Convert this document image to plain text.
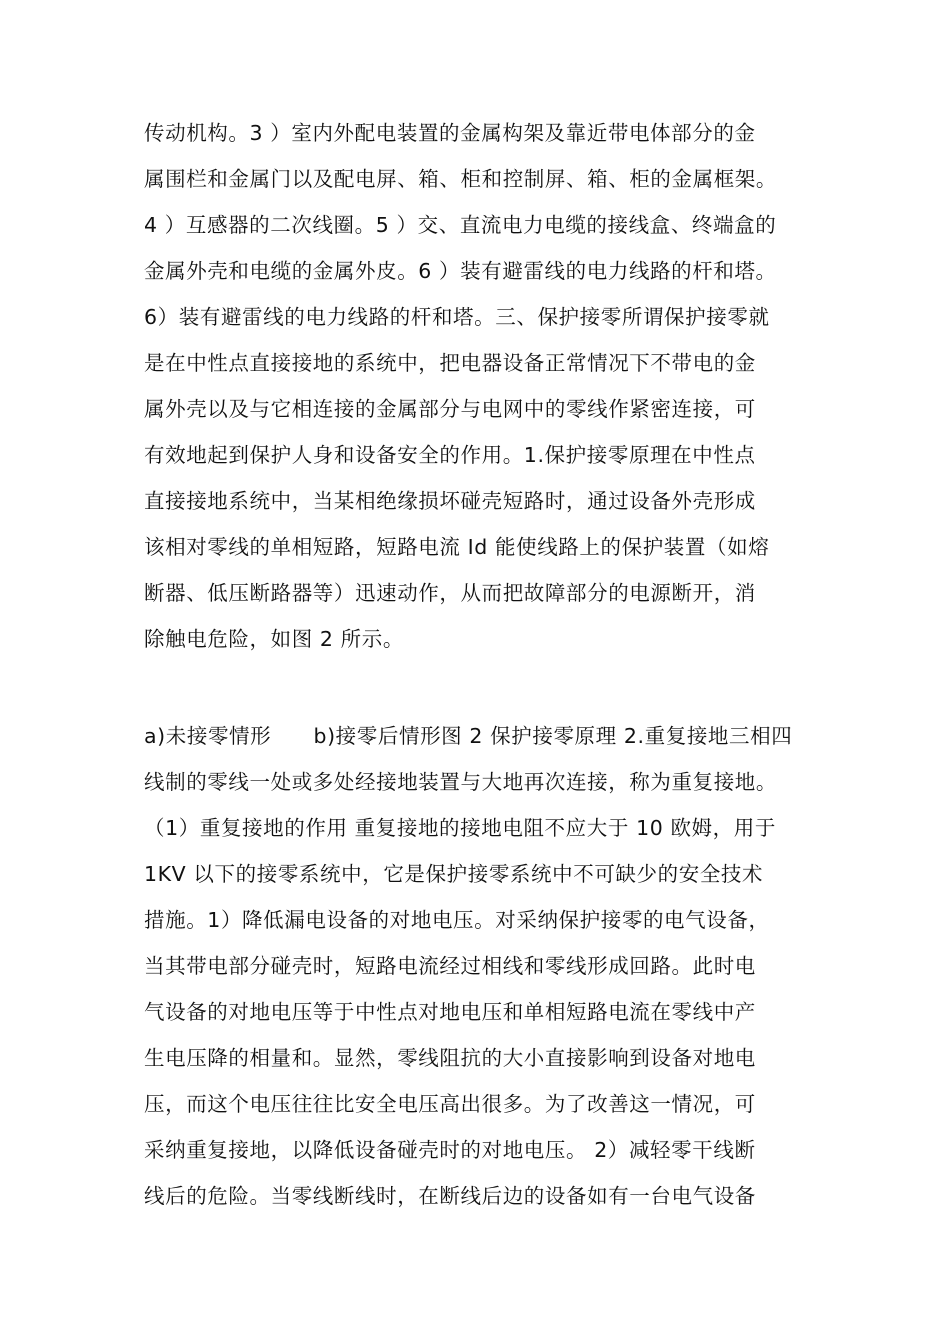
传动机构。3 ）室内外配电装置的金属构架及靠近带电体部分的金
属围栏和金属门以及配电屏、箱、柜和控制屏、箱、柜的金属框架。
4 ）互感器的二次线圈。5 ）交、直流电力电缆的接线盒、终端盒的
金属外壳和电缆的金属外皮。6 ）装有避雷线的电力线路的杆和塔。
6）装有避雷线的电力线路的杆和塔。三、保护接零所谓保护接零就
是在中性点直接接地的系统中，把电器设备正常情况下不带电的金
属外壳以及与它相连接的金属部分与电网中的零线作紧密连接，可
有效地起到保护人身和设备安全的作用。1.保护接零原理在中性点
直接接地系统中，当某相绝缘损坏碰壳短路时，通过设备外壳形成
该相对零线的单相短路，短路电流 Id 能使线路上的保护装置（如熔
断器、低压断路器等）迅速动作，从而把故障部分的电源断开，消
除触电危险，如图 2 所示。
a)未接零情形　　b)接零后情形图 2 保护接零原理 2.重复接地三相四
线制的零线一处或多处经接地装置与大地再次连接，称为重复接地。
（1）重复接地的作用 重复接地的接地电阻不应大于 10 欧姆，用于
1KV 以下的接零系统中，它是保护接零系统中不可缺少的安全技术
措施。1）降低漏电设备的对地电压。对采纳保护接零的电气设备，
当其带电部分碰壳时，短路电流经过相线和零线形成回路。此时电
气设备的对地电压等于中性点对地电压和单相短路电流在零线中产
生电压降的相量和。显然，零线阻抗的大小直接影响到设备对地电
压，而这个电压往往比安全电压高出很多。为了改善这一情况，可
采纳重复接地，以降低设备碰壳时的对地电压。 2）减轻零干线断
线后的危险。当零线断线时，在断线后边的设备如有一台电气设备
